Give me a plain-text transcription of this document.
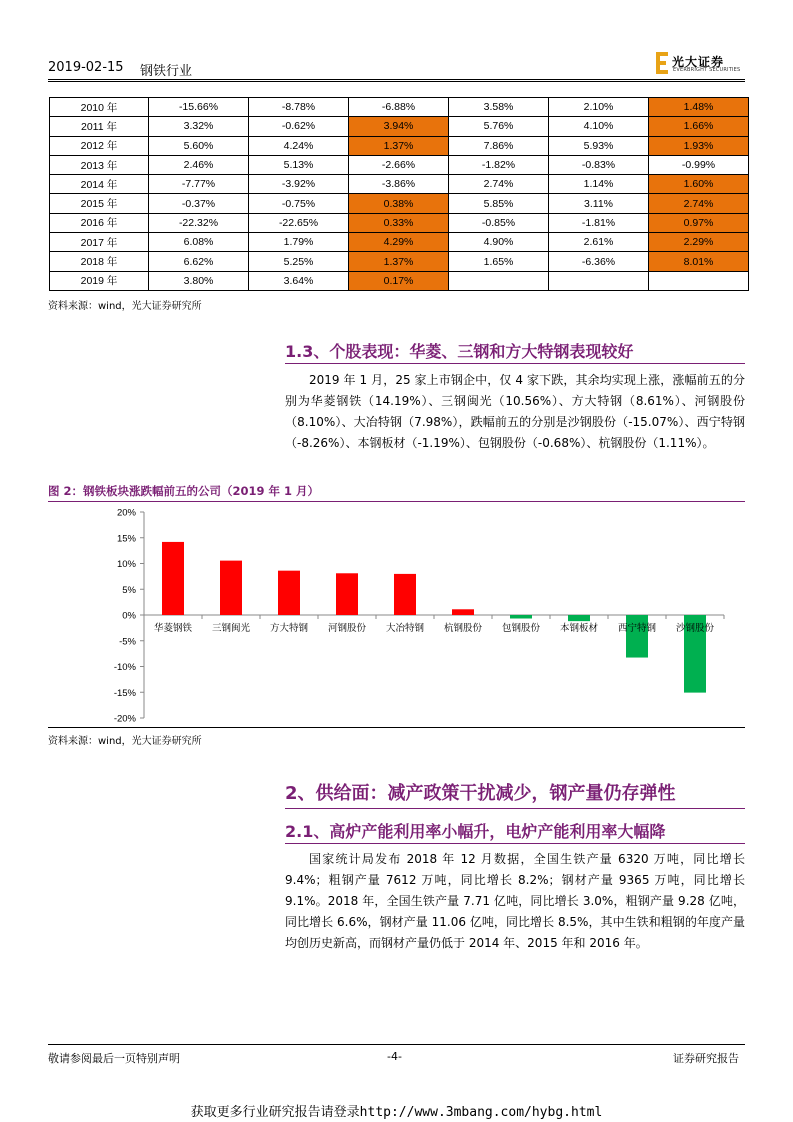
2019-02-15 钢铁行业
光大证券
EVERBRIGHT SECURITIES
2010 年	-15.66%	-8.78%	-6.88%	3.58%	2.10%	1.48%
2011 年	3.32%	-0.62%	3.94%	5.76%	4.10%	1.66%
2012 年	5.60%	4.24%	1.37%	7.86%	5.93%	1.93%
2013 年	2.46%	5.13%	-2.66%	-1.82%	-0.83%	-0.99%
2014 年	-7.77%	-3.92%	-3.86%	2.74%	1.14%	1.60%
2015 年	-0.37%	-0.75%	0.38%	5.85%	3.11%	2.74%
2016 年	-22.32%	-22.65%	0.33%	-0.85%	-1.81%	0.97%
2017 年	6.08%	1.79%	4.29%	4.90%	2.61%	2.29%
2018 年	6.62%	5.25%	1.37%	1.65%	-6.36%	8.01%
2019 年	3.80%	3.64%	0.17%			
资料来源：wind，光大证券研究所
1.3、个股表现：华菱、三钢和方大特钢表现较好

2019 年 1 月，25 家上市钢企中，仅 4 家下跌，其余均实现上涨，涨幅前五的分别为华菱钢铁（14.19%）、三钢闽光（10.56%）、方大特钢（8.61%）、河钢股份（8.10%）、大冶特钢（7.98%），跌幅前五的分别是沙钢股份（-15.07%）、西宁特钢（-8.26%）、本钢板材（-1.19%）、包钢股份（-0.68%）、杭钢股份（1.11%）。

图 2：钢铁板块涨跌幅前五的公司（2019 年 1 月）
20%
15%
10%
5%
0%
-5%
-10%
-15%
-20%
华菱钢铁 三钢闽光 方大特钢 河钢股份 大冶特钢 杭钢股份 包钢股份 本钢板材 西宁特钢 沙钢股份
资料来源：wind，光大证券研究所
2、供给面：减产政策干扰减少，钢产量仍存弹性
2.1、高炉产能利用率小幅升，电炉产能利用率大幅降

国家统计局发布 2018 年 12 月数据，全国生铁产量 6320 万吨，同比增长 9.4%；粗钢产量 7612 万吨，同比增长 8.2%；钢材产量 9365 万吨，同比增长 9.1%。2018 年，全国生铁产量 7.71 亿吨，同比增长 3.0%，粗钢产量 9.28 亿吨，同比增长 6.6%，钢材产量 11.06 亿吨，同比增长 8.5%，其中生铁和粗钢的年度产量均创历史新高，而钢材产量仍低于 2014 年、2015 年和 2016 年。

敬请参阅最后一页特别声明	-4-	证券研究报告
获取更多行业研究报告请登录http://www.3mbang.com/hybg.html
